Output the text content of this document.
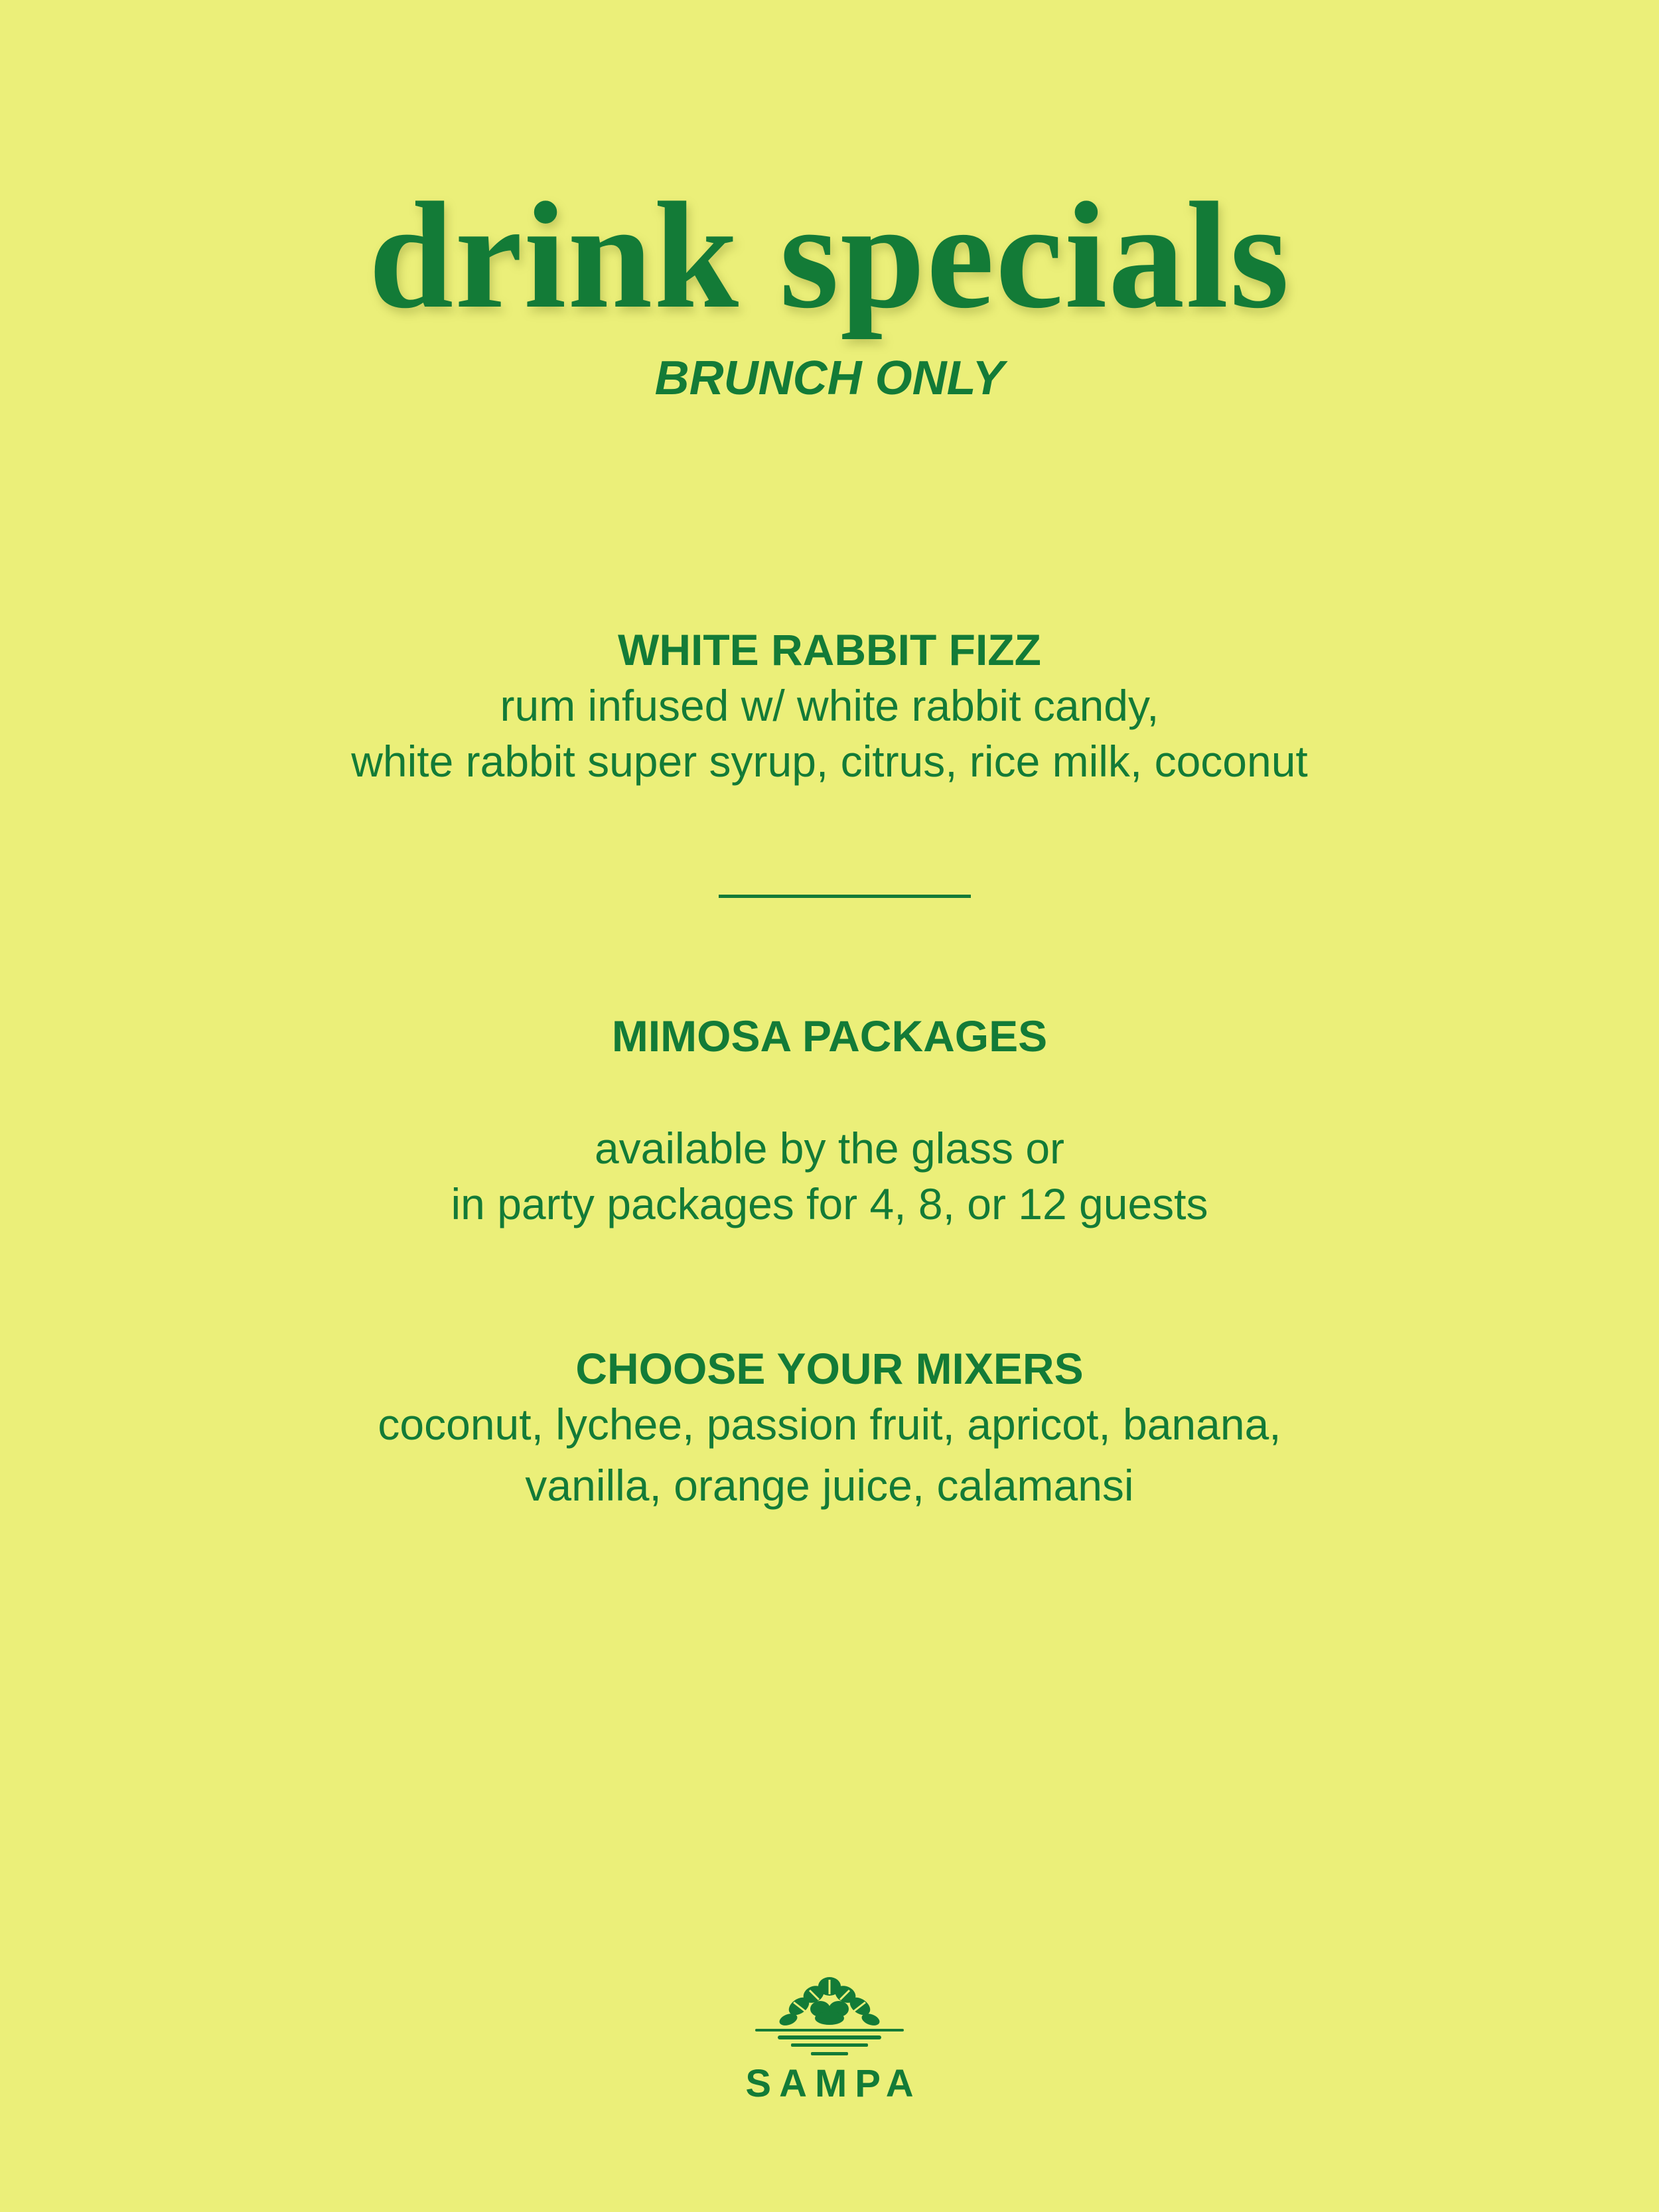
drink specials
BRUNCH ONLY
WHITE RABBIT FIZZ
rum infused w/ white rabbit candy,
white rabbit super syrup, citrus, rice milk, coconut
MIMOSA PACKAGES
available by the glass or
in party packages for 4, 8, or 12 guests
CHOOSE YOUR MIXERS
coconut, lychee, passion fruit, apricot, banana,
vanilla, orange juice, calamansi
SAMPA
